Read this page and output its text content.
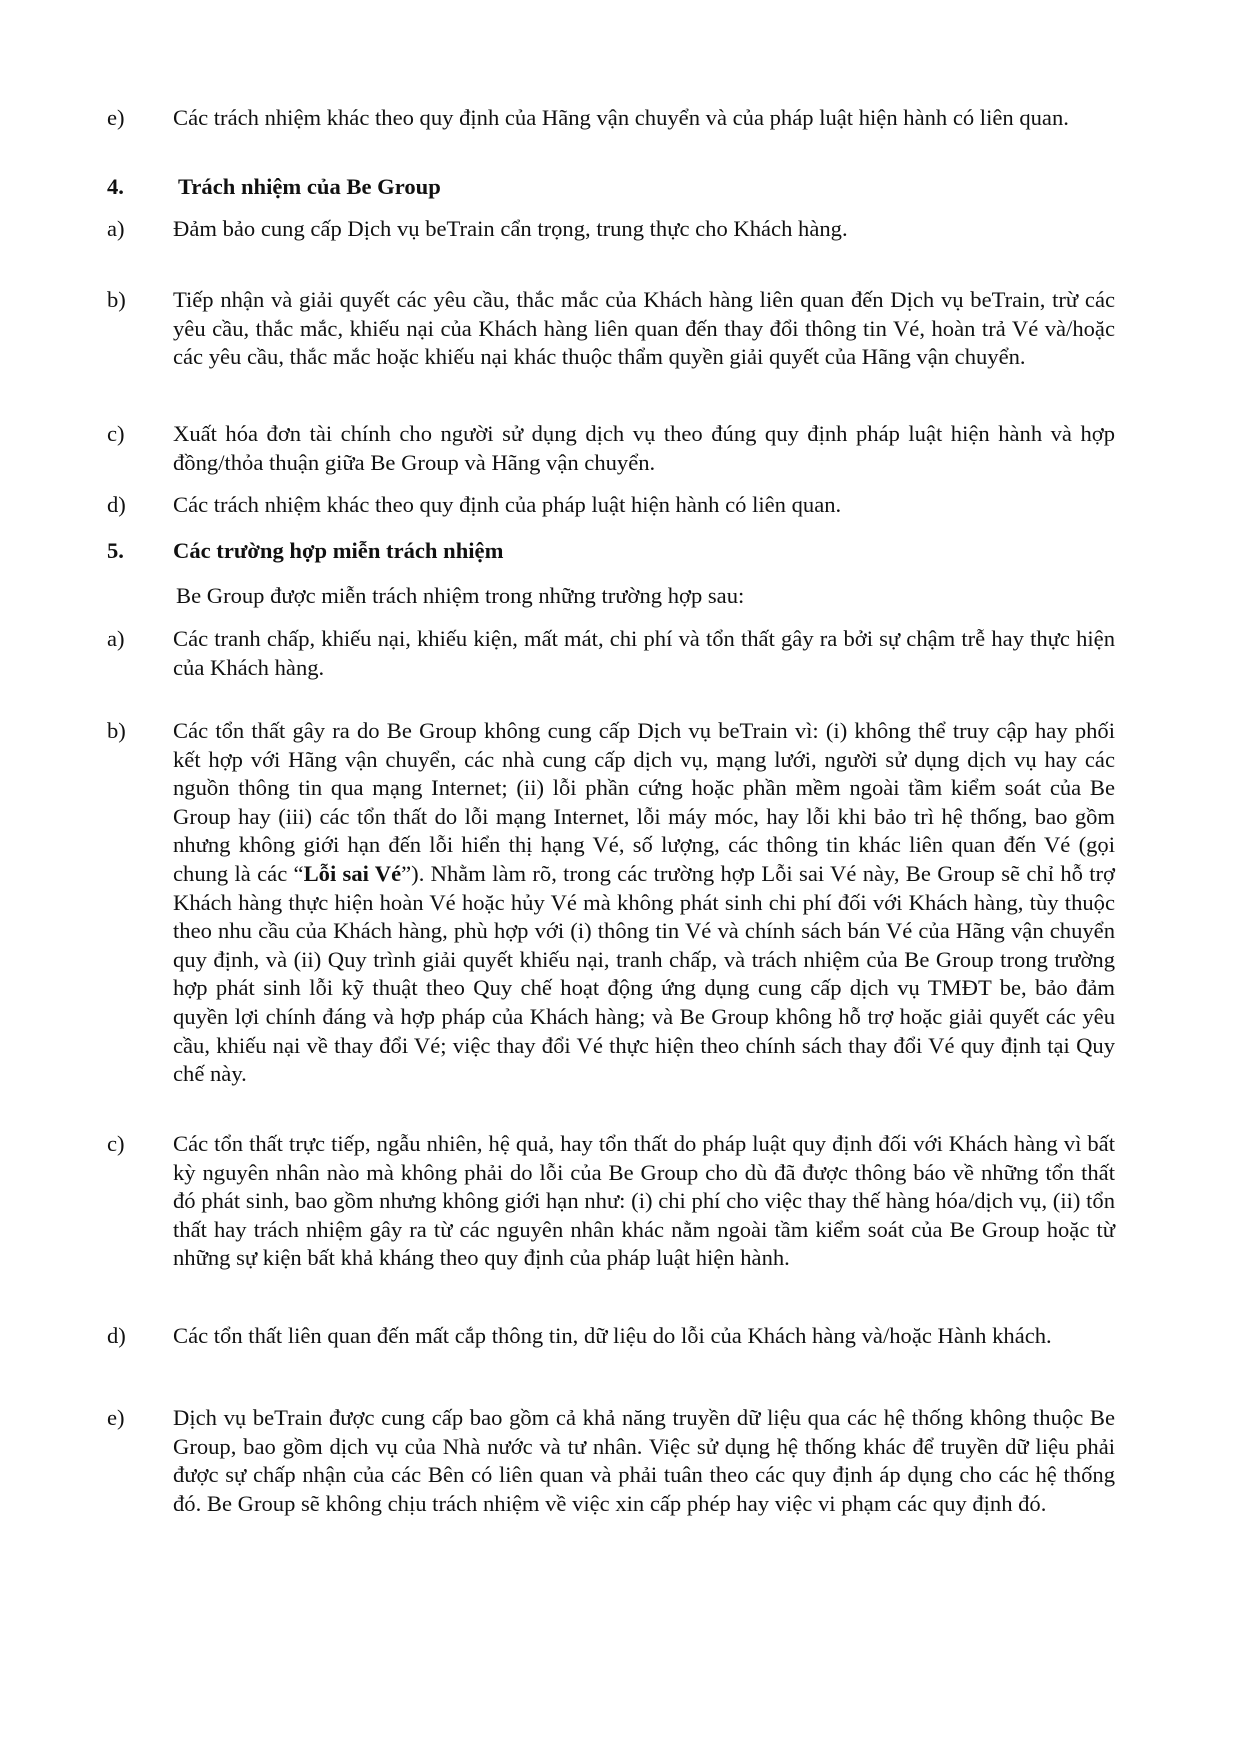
e) Các trách nhiệm khác theo quy định của Hãng vận chuyển và của pháp luật hiện hành có liên quan.
4. Trách nhiệm của Be Group
a) Đảm bảo cung cấp Dịch vụ beTrain cẩn trọng, trung thực cho Khách hàng.
b) Tiếp nhận và giải quyết các yêu cầu, thắc mắc của Khách hàng liên quan đến Dịch vụ beTrain, trừ các yêu cầu, thắc mắc, khiếu nại của Khách hàng liên quan đến thay đổi thông tin Vé, hoàn trả Vé và/hoặc các yêu cầu, thắc mắc hoặc khiếu nại khác thuộc thẩm quyền giải quyết của Hãng vận chuyển.
c) Xuất hóa đơn tài chính cho người sử dụng dịch vụ theo đúng quy định pháp luật hiện hành và hợp đồng/thỏa thuận giữa Be Group và Hãng vận chuyển.
d) Các trách nhiệm khác theo quy định của pháp luật hiện hành có liên quan.
5. Các trường hợp miễn trách nhiệm
Be Group được miễn trách nhiệm trong những trường hợp sau:
a) Các tranh chấp, khiếu nại, khiếu kiện, mất mát, chi phí và tổn thất gây ra bởi sự chậm trễ hay thực hiện của Khách hàng.
b) Các tổn thất gây ra do Be Group không cung cấp Dịch vụ beTrain vì: (i) không thể truy cập hay phối kết hợp với Hãng vận chuyển, các nhà cung cấp dịch vụ, mạng lưới, người sử dụng dịch vụ hay các nguồn thông tin qua mạng Internet; (ii) lỗi phần cứng hoặc phần mềm ngoài tầm kiểm soát của Be Group hay (iii) các tổn thất do lỗi mạng Internet, lỗi máy móc, hay lỗi khi bảo trì hệ thống, bao gồm nhưng không giới hạn đến lỗi hiển thị hạng Vé, số lượng, các thông tin khác liên quan đến Vé (gọi chung là các “Lỗi sai Vé”). Nhằm làm rõ, trong các trường hợp Lỗi sai Vé này, Be Group sẽ chỉ hỗ trợ Khách hàng thực hiện hoàn Vé hoặc hủy Vé mà không phát sinh chi phí đối với Khách hàng, tùy thuộc theo nhu cầu của Khách hàng, phù hợp với (i) thông tin Vé và chính sách bán Vé của Hãng vận chuyển quy định, và (ii) Quy trình giải quyết khiếu nại, tranh chấp, và trách nhiệm của Be Group trong trường hợp phát sinh lỗi kỹ thuật theo Quy chế hoạt động ứng dụng cung cấp dịch vụ TMĐT be, bảo đảm quyền lợi chính đáng và hợp pháp của Khách hàng; và Be Group không hỗ trợ hoặc giải quyết các yêu cầu, khiếu nại về thay đổi Vé; việc thay đổi Vé thực hiện theo chính sách thay đổi Vé quy định tại Quy chế này.
c) Các tổn thất trực tiếp, ngẫu nhiên, hệ quả, hay tổn thất do pháp luật quy định đối với Khách hàng vì bất kỳ nguyên nhân nào mà không phải do lỗi của Be Group cho dù đã được thông báo về những tổn thất đó phát sinh, bao gồm nhưng không giới hạn như: (i) chi phí cho việc thay thế hàng hóa/dịch vụ, (ii) tổn thất hay trách nhiệm gây ra từ các nguyên nhân khác nằm ngoài tầm kiểm soát của Be Group hoặc từ những sự kiện bất khả kháng theo quy định của pháp luật hiện hành.
d) Các tổn thất liên quan đến mất cắp thông tin, dữ liệu do lỗi của Khách hàng và/hoặc Hành khách.
e) Dịch vụ beTrain được cung cấp bao gồm cả khả năng truyền dữ liệu qua các hệ thống không thuộc Be Group, bao gồm dịch vụ của Nhà nước và tư nhân. Việc sử dụng hệ thống khác để truyền dữ liệu phải được sự chấp nhận của các Bên có liên quan và phải tuân theo các quy định áp dụng cho các hệ thống đó. Be Group sẽ không chịu trách nhiệm về việc xin cấp phép hay việc vi phạm các quy định đó.
